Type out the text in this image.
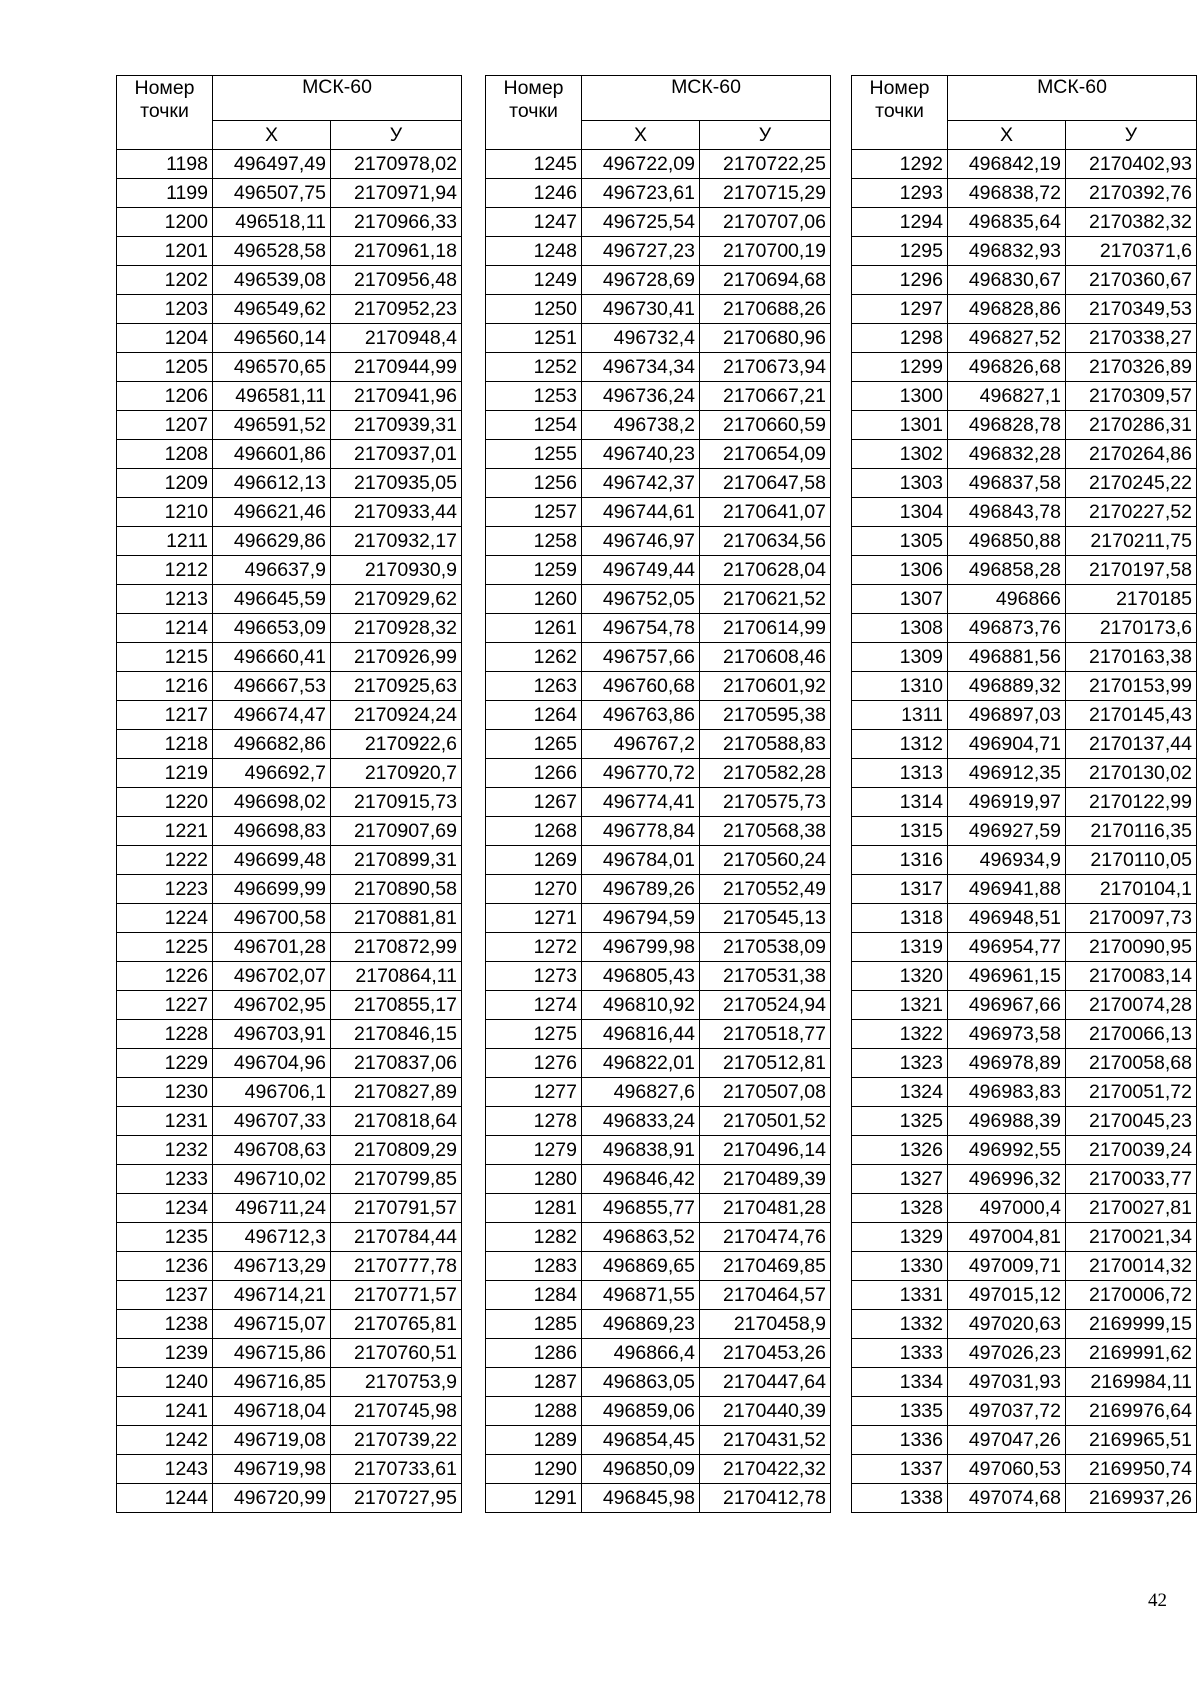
Номер
точки	МСК-60	
	Х	У
1198	496497,49	2170978,02
1199	496507,75	2170971,94
1200	496518,11	2170966,33
1201	496528,58	2170961,18
1202	496539,08	2170956,48
1203	496549,62	2170952,23
1204	496560,14	2170948,4
1205	496570,65	2170944,99
1206	496581,11	2170941,96
1207	496591,52	2170939,31
1208	496601,86	2170937,01
1209	496612,13	2170935,05
1210	496621,46	2170933,44
1211	496629,86	2170932,17
1212	496637,9	2170930,9
1213	496645,59	2170929,62
1214	496653,09	2170928,32
1215	496660,41	2170926,99
1216	496667,53	2170925,63
1217	496674,47	2170924,24
1218	496682,86	2170922,6
1219	496692,7	2170920,7
1220	496698,02	2170915,73
1221	496698,83	2170907,69
1222	496699,48	2170899,31
1223	496699,99	2170890,58
1224	496700,58	2170881,81
1225	496701,28	2170872,99
1226	496702,07	2170864,11
1227	496702,95	2170855,17
1228	496703,91	2170846,15
1229	496704,96	2170837,06
1230	496706,1	2170827,89
1231	496707,33	2170818,64
1232	496708,63	2170809,29
1233	496710,02	2170799,85
1234	496711,24	2170791,57
1235	496712,3	2170784,44
1236	496713,29	2170777,78
1237	496714,21	2170771,57
1238	496715,07	2170765,81
1239	496715,86	2170760,51
1240	496716,85	2170753,9
1241	496718,04	2170745,98
1242	496719,08	2170739,22
1243	496719,98	2170733,61
1244	496720,99	2170727,95
Номер
точки	МСК-60	
	Х	У
1245	496722,09	2170722,25
1246	496723,61	2170715,29
1247	496725,54	2170707,06
1248	496727,23	2170700,19
1249	496728,69	2170694,68
1250	496730,41	2170688,26
1251	496732,4	2170680,96
1252	496734,34	2170673,94
1253	496736,24	2170667,21
1254	496738,2	2170660,59
1255	496740,23	2170654,09
1256	496742,37	2170647,58
1257	496744,61	2170641,07
1258	496746,97	2170634,56
1259	496749,44	2170628,04
1260	496752,05	2170621,52
1261	496754,78	2170614,99
1262	496757,66	2170608,46
1263	496760,68	2170601,92
1264	496763,86	2170595,38
1265	496767,2	2170588,83
1266	496770,72	2170582,28
1267	496774,41	2170575,73
1268	496778,84	2170568,38
1269	496784,01	2170560,24
1270	496789,26	2170552,49
1271	496794,59	2170545,13
1272	496799,98	2170538,09
1273	496805,43	2170531,38
1274	496810,92	2170524,94
1275	496816,44	2170518,77
1276	496822,01	2170512,81
1277	496827,6	2170507,08
1278	496833,24	2170501,52
1279	496838,91	2170496,14
1280	496846,42	2170489,39
1281	496855,77	2170481,28
1282	496863,52	2170474,76
1283	496869,65	2170469,85
1284	496871,55	2170464,57
1285	496869,23	2170458,9
1286	496866,4	2170453,26
1287	496863,05	2170447,64
1288	496859,06	2170440,39
1289	496854,45	2170431,52
1290	496850,09	2170422,32
1291	496845,98	2170412,78
Номер
точки	МСК-60	
	Х	У
1292	496842,19	2170402,93
1293	496838,72	2170392,76
1294	496835,64	2170382,32
1295	496832,93	2170371,6
1296	496830,67	2170360,67
1297	496828,86	2170349,53
1298	496827,52	2170338,27
1299	496826,68	2170326,89
1300	496827,1	2170309,57
1301	496828,78	2170286,31
1302	496832,28	2170264,86
1303	496837,58	2170245,22
1304	496843,78	2170227,52
1305	496850,88	2170211,75
1306	496858,28	2170197,58
1307	496866	2170185
1308	496873,76	2170173,6
1309	496881,56	2170163,38
1310	496889,32	2170153,99
1311	496897,03	2170145,43
1312	496904,71	2170137,44
1313	496912,35	2170130,02
1314	496919,97	2170122,99
1315	496927,59	2170116,35
1316	496934,9	2170110,05
1317	496941,88	2170104,1
1318	496948,51	2170097,73
1319	496954,77	2170090,95
1320	496961,15	2170083,14
1321	496967,66	2170074,28
1322	496973,58	2170066,13
1323	496978,89	2170058,68
1324	496983,83	2170051,72
1325	496988,39	2170045,23
1326	496992,55	2170039,24
1327	496996,32	2170033,77
1328	497000,4	2170027,81
1329	497004,81	2170021,34
1330	497009,71	2170014,32
1331	497015,12	2170006,72
1332	497020,63	2169999,15
1333	497026,23	2169991,62
1334	497031,93	2169984,11
1335	497037,72	2169976,64
1336	497047,26	2169965,51
1337	497060,53	2169950,74
1338	497074,68	2169937,26
42
